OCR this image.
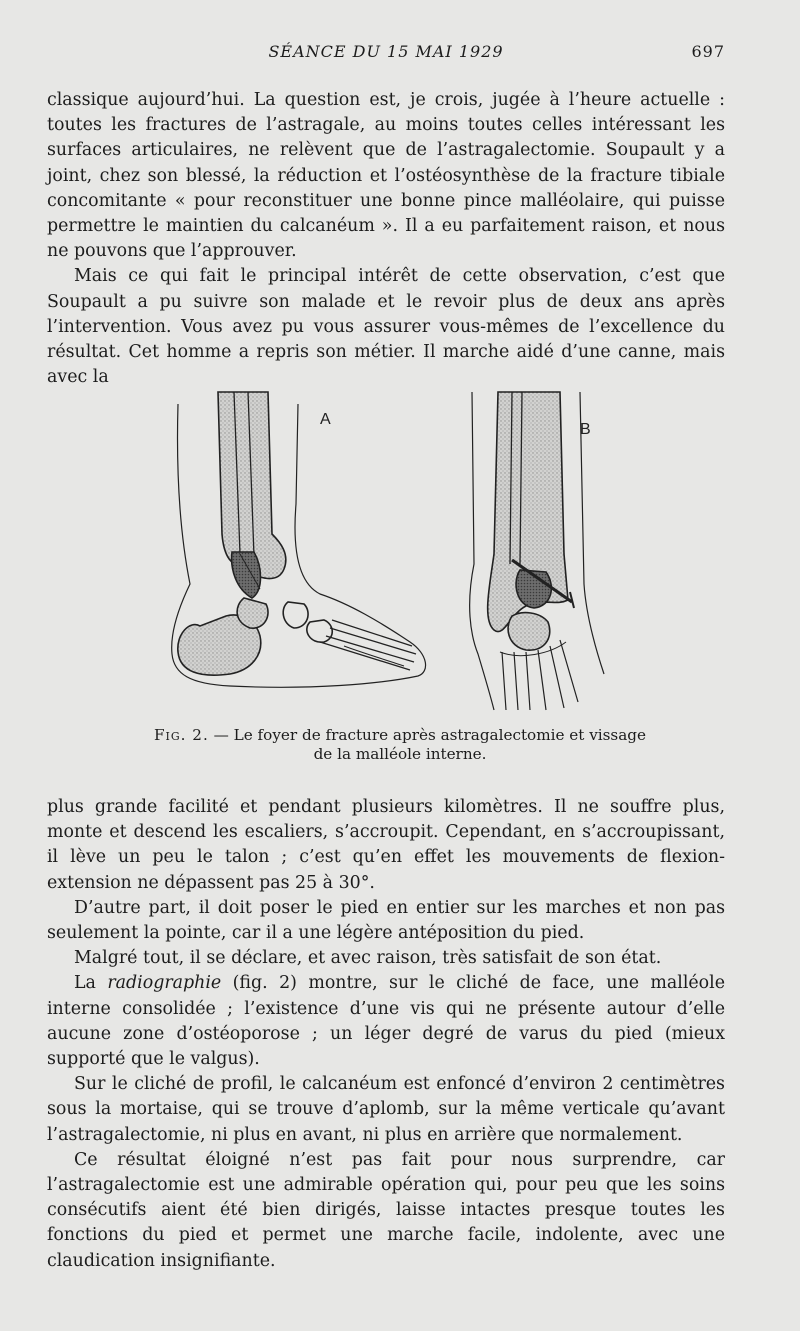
SÉANCE DU 15 MAI 1929	697

classique aujourd’hui. La question est, je crois, jugée à l’heure actuelle : toutes les fractures de l’astragale, au moins toutes celles intéressant les surfaces articulaires, ne relèvent que de l’astragalectomie. Soupault y a joint, chez son blessé, la réduction et l’ostéosynthèse de la fracture tibiale concomitante « pour reconstituer une bonne pince malléolaire, qui puisse permettre le maintien du calcanéum ». Il a eu parfaitement raison, et nous ne pouvons que l’approuver.

Mais ce qui fait le principal intérêt de cette observation, c’est que Soupault a pu suivre son malade et le revoir plus de deux ans après l’intervention. Vous avez pu vous assurer vous-mêmes de l’excellence du résultat. Cet homme a repris son métier. Il marche aidé d’une canne, mais avec la

A
B
Fig. 2. — Le foyer de fracture après astragalectomie et vissage
de la malléole interne.

plus grande facilité et pendant plusieurs kilomètres. Il ne souffre plus, monte et descend les escaliers, s’accroupit. Cependant, en s’accroupissant, il lève un peu le talon ; c’est qu’en effet les mouvements de flexion-extension ne dépassent pas 25 à 30°.

D’autre part, il doit poser le pied en entier sur les marches et non pas seulement la pointe, car il a une légère antéposition du pied.

Malgré tout, il se déclare, et avec raison, très satisfait de son état.

La radiographie (fig. 2) montre, sur le cliché de face, une malléole interne consolidée ; l’existence d’une vis qui ne présente autour d’elle aucune zone d’ostéoporose ; un léger degré de varus du pied (mieux supporté que le valgus).

Sur le cliché de profil, le calcanéum est enfoncé d’environ 2 centimètres sous la mortaise, qui se trouve d’aplomb, sur la même verticale qu’avant l’astragalectomie, ni plus en avant, ni plus en arrière que normalement.

Ce résultat éloigné n’est pas fait pour nous surprendre, car l’astragalectomie est une admirable opération qui, pour peu que les soins consécutifs aient été bien dirigés, laisse intactes presque toutes les fonctions du pied et permet une marche facile, indolente, avec une claudication insignifiante.
